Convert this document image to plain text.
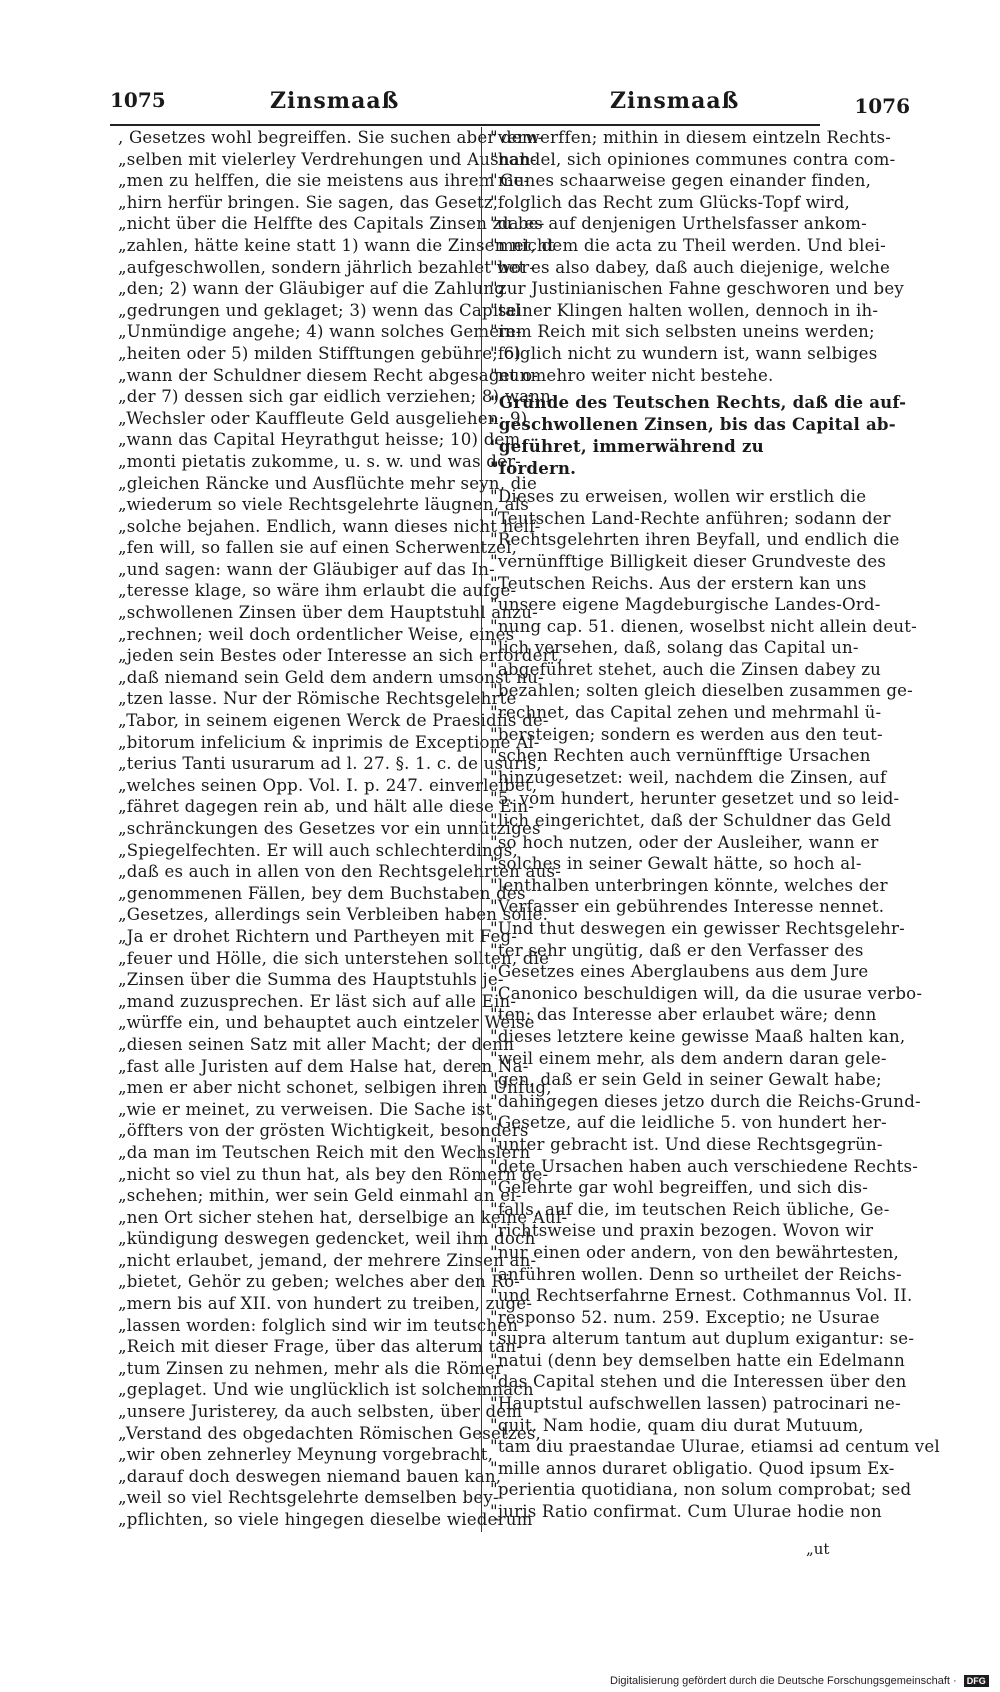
1075	Zinsmaaß	Zinsmaaß	1076
, Gesetzes wohl begreiffen. Sie suchen aber dem-
„selben mit vielerley Verdrehungen und Ausnah-
„men zu helffen, die sie meistens aus ihrem Ge-
„hirn herfür bringen. Sie sagen, das Gesetz,
„nicht über die Helffte des Capitals Zinsen zu be-
„zahlen, hätte keine statt 1) wann die Zinsen nicht
„aufgeschwollen, sondern jährlich bezahlet wor-
„den; 2) wann der Gläubiger auf die Zahlung
„gedrungen und geklaget; 3) wenn das Capital
„Unmündige angehe; 4) wann solches Gemein-
„heiten oder 5) milden Stifftungen gebühre; 6)
„wann der Schuldner diesem Recht abgesaget o-
„der 7) dessen sich gar eidlich verziehen; 8) wann
„Wechsler oder Kauffleute Geld ausgeliehen; 9)
„wann das Capital Heyrathgut heisse; 10) dem
„monti pietatis zukomme, u. s. w. und was der-
„gleichen Räncke und Ausflüchte mehr seyn, die
„wiederum so viele Rechtsgelehrte läugnen, als
„solche bejahen. Endlich, wann dieses nicht helf-
„fen will, so fallen sie auf einen Scherwentzel,
„und sagen: wann der Gläubiger auf das In-
„teresse klage, so wäre ihm erlaubt die aufge-
„schwollenen Zinsen über dem Hauptstuhl anzu-
„rechnen; weil doch ordentlicher Weise, eines
„jeden sein Bestes oder Interesse an sich erfordert,
„daß niemand sein Geld dem andern umsonst nu-
„tzen lasse. Nur der Römische Rechtsgelehrte
„Tabor, in seinem eigenen Werck de Praesidiis de-
„bitorum infelicium & inprimis de Exceptione Al-
„terius Tanti usurarum ad l. 27. §. 1. c. de usuris,
„welches seinen Opp. Vol. I. p. 247. einverleibet,
„fähret dagegen rein ab, und hält alle diese Ein-
„schränckungen des Gesetzes vor ein unnütziges
„Spiegelfechten. Er will auch schlechterdings,
„daß es auch in allen von den Rechtsgelehrten aus-
„genommenen Fällen, bey dem Buchstaben des
„Gesetzes, allerdings sein Verbleiben haben solle.
„Ja er drohet Richtern und Partheyen mit Feg-
„feuer und Hölle, die sich unterstehen sollten, die
„Zinsen über die Summa des Hauptstuhls je-
„mand zuzusprechen. Er läst sich auf alle Ein-
„würffe ein, und behauptet auch eintzeler Weise
„diesen seinen Satz mit aller Macht; der denn
„fast alle Juristen auf dem Halse hat, deren Na-
„men er aber nicht schonet, selbigen ihren Unfug,
„wie er meinet, zu verweisen. Die Sache ist
„öffters von der grösten Wichtigkeit, besonders
„da man im Teutschen Reich mit den Wechslern
„nicht so viel zu thun hat, als bey den Römern ge-
„schehen; mithin, wer sein Geld einmahl an ei-
„nen Ort sicher stehen hat, derselbige an keine Auf-
„kündigung deswegen gedencket, weil ihm doch
„nicht erlaubet, jemand, der mehrere Zinsen an-
„bietet, Gehör zu geben; welches aber den Rö-
„mern bis auf XII. von hundert zu treiben, zuge-
„lassen worden: folglich sind wir im teutschen
„Reich mit dieser Frage, über das alterum tan-
„tum Zinsen zu nehmen, mehr als die Römer
„geplaget. Und wie unglücklich ist solchemnach
„unsere Juristerey, da auch selbsten, über dem
„Verstand des obgedachten Römischen Gesetzes,
„wir oben zehnerley Meynung vorgebracht,
„darauf doch deswegen niemand bauen kan,
„weil so viel Rechtsgelehrte demselben bey-
„pflichten, so viele hingegen dieselbe wiederum
"verwerffen; mithin in diesem eintzeln Rechts-
"handel, sich opiniones communes contra com-
"munes schaarweise gegen einander finden,
"folglich das Recht zum Glücks-Topf wird,
"da es auf denjenigen Urthelsfasser ankom-
"met, dem die acta zu Theil werden. Und blei-
"bet es also dabey, daß auch diejenige, welche
"zur Justinianischen Fahne geschworen und bey
"seiner Klingen halten wollen, dennoch in ih-
"rem Reich mit sich selbsten uneins werden;
"folglich nicht zu wundern ist, wann selbiges
"nunmehro weiter nicht bestehe.
"Gründe des Teutschen Rechts, daß die auf-
"geschwollenen Zinsen, bis das Capital ab-
"geführet, immerwährend zu
"fordern.
"Dieses zu erweisen, wollen wir erstlich die
"Teutschen Land-Rechte anführen; sodann der
"Rechtsgelehrten ihren Beyfall, und endlich die
"vernünfftige Billigkeit dieser Grundveste des
"Teutschen Reichs. Aus der erstern kan uns
"unsere eigene Magdeburgische Landes-Ord-
"nung cap. 51. dienen, woselbst nicht allein deut-
"lich versehen, daß, solang das Capital un-
"abgeführet stehet, auch die Zinsen dabey zu
"bezahlen; solten gleich dieselben zusammen ge-
"rechnet, das Capital zehen und mehrmahl ü-
"bersteigen; sondern es werden aus den teut-
"schen Rechten auch vernünfftige Ursachen
"hinzugesetzet: weil, nachdem die Zinsen, auf
"5. vom hundert, herunter gesetzet und so leid-
"lich eingerichtet, daß der Schuldner das Geld
"so hoch nutzen, oder der Ausleiher, wann er
"solches in seiner Gewalt hätte, so hoch al-
"lenthalben unterbringen könnte, welches der
"Verfasser ein gebührendes Interesse nennet.
"Und thut deswegen ein gewisser Rechtsgelehr-
"ter sehr ungütig, daß er den Verfasser des
"Gesetzes eines Aberglaubens aus dem Jure
"Canonico beschuldigen will, da die usurae verbo-
"ten: das Interesse aber erlaubet wäre; denn
"dieses letztere keine gewisse Maaß halten kan,
"weil einem mehr, als dem andern daran gele-
"gen, daß er sein Geld in seiner Gewalt habe;
"dahingegen dieses jetzo durch die Reichs-Grund-
"Gesetze, auf die leidliche 5. von hundert her-
"unter gebracht ist. Und diese Rechtsgegrün-
"dete Ursachen haben auch verschiedene Rechts-
"Gelehrte gar wohl begreiffen, und sich dis-
"falls, auf die, im teutschen Reich übliche, Ge-
"richtsweise und praxin bezogen. Wovon wir
"nur einen oder andern, von den bewährtesten,
"anführen wollen. Denn so urtheilet der Reichs-
"und Rechtserfahrne Ernest. Cothmannus Vol. II.
"responso 52. num. 259. Exceptio; ne Usurae
"supra alterum tantum aut duplum exigantur: se-
"natui (denn bey demselben hatte ein Edelmann
"das Capital stehen und die Interessen über den
"Hauptstul aufschwellen lassen) patrocinari ne-
"quit. Nam hodie, quam diu durat Mutuum,
"tam diu praestandae Ulurae, etiamsi ad centum vel
"mille annos duraret obligatio. Quod ipsum Ex-
"perientia quotidiana, non solum comprobat; sed
"juris Ratio confirmat. Cum Ulurae hodie non
„ut
Digitalisierung gefördert durch die Deutsche Forschungsgemeinschaft · DFG
